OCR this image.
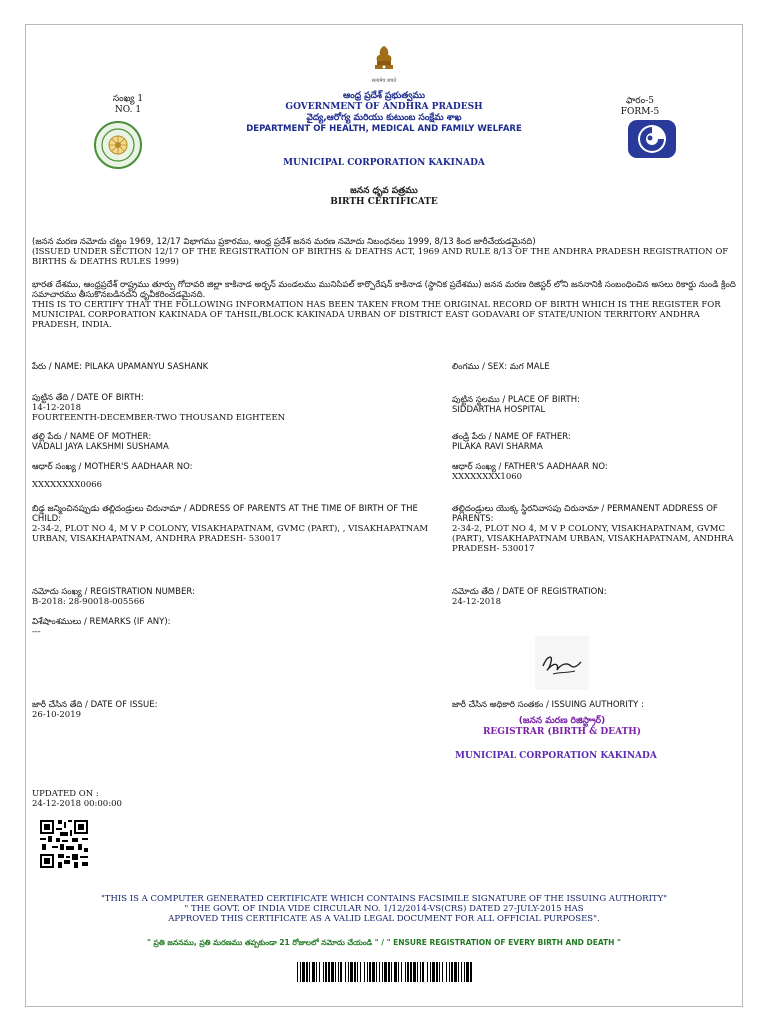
సంఖ్య 1
NO. 1
सत्यमेव जयते
ఆంధ్ర ప్రదేశ్ ప్రభుత్వము
GOVERNMENT OF ANDHRA PRADESH
వైద్య,ఆరోగ్య మరియు కుటుంబ సంక్షేమ శాఖ
DEPARTMENT OF HEALTH, MEDICAL AND FAMILY WELFARE
MUNICIPAL CORPORATION KAKINADA
జనన ధృవ పత్రము
BIRTH CERTIFICATE
ఫారం-5
FORM-5
(జనన మరణ నమోదు చట్టం 1969, 12/17 విభాగము ప్రకారము, ఆంధ్ర ప్రదేశ్ జనన మరణ నమోదు నిబంధనలు 1999, 8/13 కింద జారీచేయడమైనది)
(ISSUED UNDER SECTION 12/17 OF THE REGISTRATION OF BIRTHS & DEATHS ACT, 1969 AND RULE 8/13 OF THE ANDHRA PRADESH REGISTRATION OF BIRTHS & DEATHS RULES 1999)
భారత దేశము, ఆంధ్రప్రదేశ్ రాష్ట్రము తూర్పు గోదావరి జిల్లా కాకినాడ అర్బన్ మండలము మునిసిపల్ కార్పొరేషన్ కాకినాడ (స్థానిక ప్రదేశము) జనన మరణ రిజిస్టర్ లోని జననానికి సంబంధించిన అసలు రికార్డు నుండి క్రింది సమాచారము తీసుకొనబడినదని ధృవీకరించడమైనది.
THIS IS TO CERTIFY THAT THE FOLLOWING INFORMATION HAS BEEN TAKEN FROM THE ORIGINAL RECORD OF BIRTH WHICH IS THE REGISTER FOR MUNICIPAL CORPORATION KAKINADA OF TAHSIL/BLOCK KAKINADA URBAN OF DISTRICT EAST GODAVARI OF STATE/UNION TERRITORY ANDHRA PRADESH, INDIA.
పేరు / NAME: PILAKA UPAMANYU SASHANK
పుట్టిన తేది / DATE OF BIRTH:
14-12-2018
FOURTEENTH-DECEMBER-TWO THOUSAND EIGHTEEN
తల్లి పేరు / NAME OF MOTHER:
VADALI JAYA LAKSHMI SUSHAMA
ఆధార్ సంఖ్య / MOTHER'S AADHAAR NO:
XXXXXXXX0066
బిడ్డ జన్మించినప్పుడు తల్లిదండ్రులు చిరునామా / ADDRESS OF PARENTS AT THE TIME OF BIRTH OF THE CHILD:
2-34-2, PLOT NO 4, M V P COLONY, VISAKHAPATNAM, GVMC (PART), , VISAKHAPATNAM URBAN, VISAKHAPATNAM, ANDHRA PRADESH- 530017
నమోదు సంఖ్య / REGISTRATION NUMBER:
B-2018: 28-90018-005566
విశేషాంశములు / REMARKS (IF ANY):
---
జారీ చేసిన తేది / DATE OF ISSUE:
26-10-2019
UPDATED ON :
24-12-2018 00:00:00
లింగము / SEX: మగ MALE
పుట్టిన స్థలము / PLACE OF BIRTH:
SIDDARTHA HOSPITAL
తండ్రి పేరు / NAME OF FATHER:
PILAKA RAVI SHARMA
ఆధార్ సంఖ్య / FATHER'S AADHAAR NO:
XXXXXXXX1060
తల్లిదండ్రులు యొక్క స్థిరనివాసపు చిరునామా / PERMANENT ADDRESS OF PARENTS:
2-34-2, PLOT NO 4, M V P COLONY, VISAKHAPATNAM, GVMC (PART), VISAKHAPATNAM URBAN, VISAKHAPATNAM, ANDHRA PRADESH- 530017
నమోదు తేది / DATE OF REGISTRATION:
24-12-2018
జారీ చేసిన అధికారి సంతకం / ISSUING AUTHORITY :
(జనన మరణ రిజిస్ట్రార్)
REGISTRAR (BIRTH & DEATH)
MUNICIPAL CORPORATION KAKINADA
"THIS IS A COMPUTER GENERATED CERTIFICATE WHICH CONTAINS FACSIMILE SIGNATURE OF THE ISSUING AUTHORITY"
" THE GOVT. OF INDIA VIDE CIRCULAR NO. 1/12/2014-VS(CRS) DATED 27-JULY-2015 HAS
APPROVED THIS CERTIFICATE AS A VALID LEGAL DOCUMENT FOR ALL OFFICIAL PURPOSES".
" ప్రతి జననము, ప్రతి మరణము తప్పకుండా 21 రోజులలో నమోదు చేయండి " / " ENSURE REGISTRATION OF EVERY BIRTH AND DEATH "
